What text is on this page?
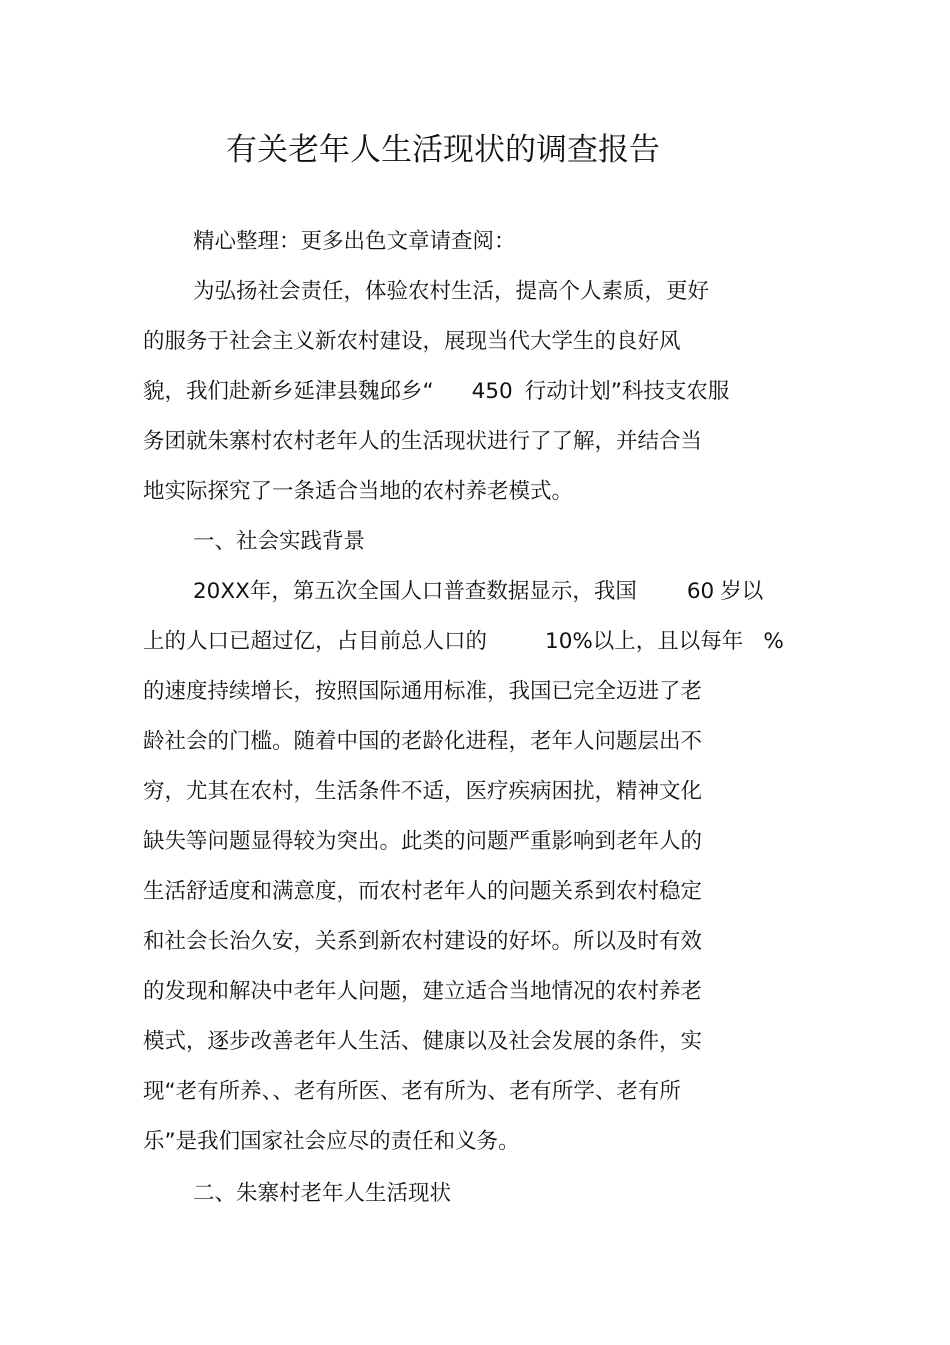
有关老年人生活现状的调查报告
精心整理：更多出色文章请查阅：
为弘扬社会责任，体验农村生活，提高个人素质，更好
的服务于社会主义新农村建设，展现当代大学生的良好风
貌，我们赴新乡延津县魏邱乡“ 450 行动计划”科技支农服
务团就朱寨村农村老年人的生活现状进行了了解，并结合当
地实际探究了一条适合当地的农村养老模式。
一、社会实践背景
20XX年，第五次全国人口普查数据显示，我国 60 岁以
上的人口已超过亿，占目前总人口的	10%以上，且以每年 %
的速度持续增长，按照国际通用标准，我国已完全迈进了老
龄社会的门槛。随着中国的老龄化进程，老年人问题层出不
穷，尤其在农村，生活条件不适，医疗疾病困扰，精神文化
缺失等问题显得较为突出。此类的问题严重影响到老年人的
生活舒适度和满意度，而农村老年人的问题关系到农村稳定
和社会长治久安，关系到新农村建设的好坏。所以及时有效
的发现和解决中老年人问题，建立适合当地情况的农村养老
模式，逐步改善老年人生活、健康以及社会发展的条件，实
现“老有所养、、老有所医、老有所为、老有所学、老有所
乐”是我们国家社会应尽的责任和义务。
二、朱寨村老年人生活现状
